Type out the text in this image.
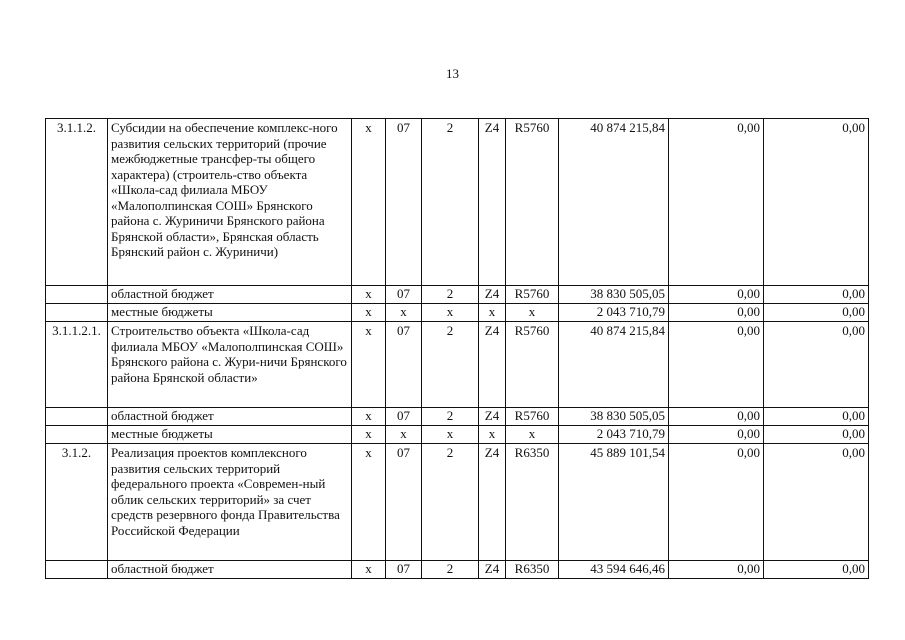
13
3.1.1.2.	Субсидии на обеспечение комплекс-ного развития сельских территорий (прочие межбюджетные трансфер-ты общего характера) (строитель-ство объекта «Школа-сад филиала МБОУ «Малополпинская СОШ» Брянского района с. Журиничи Брянского района Брянской области», Брянская область Брянский район с. Журиничи)	х	07	2	Z4	R5760	40 874 215,84	0,00	0,00
	областной бюджет	х	07	2	Z4	R5760	38 830 505,05	0,00	0,00
	местные бюджеты	х	х	х	х	х	2 043 710,79	0,00	0,00
3.1.1.2.1.	Строительство объекта «Школа-сад филиала МБОУ «Малополпинская СОШ» Брянского района с. Жури-ничи Брянского района Брянской области»	х	07	2	Z4	R5760	40 874 215,84	0,00	0,00
	областной бюджет	х	07	2	Z4	R5760	38 830 505,05	0,00	0,00
	местные бюджеты	х	х	х	х	х	2 043 710,79	0,00	0,00
3.1.2.	Реализация проектов комплексного развития сельских территорий федерального проекта «Современ-ный облик сельских территорий» за счет средств резервного фонда Правительства Российской Федерации	х	07	2	Z4	R6350	45 889 101,54	0,00	0,00
	областной бюджет	х	07	2	Z4	R6350	43 594 646,46	0,00	0,00
